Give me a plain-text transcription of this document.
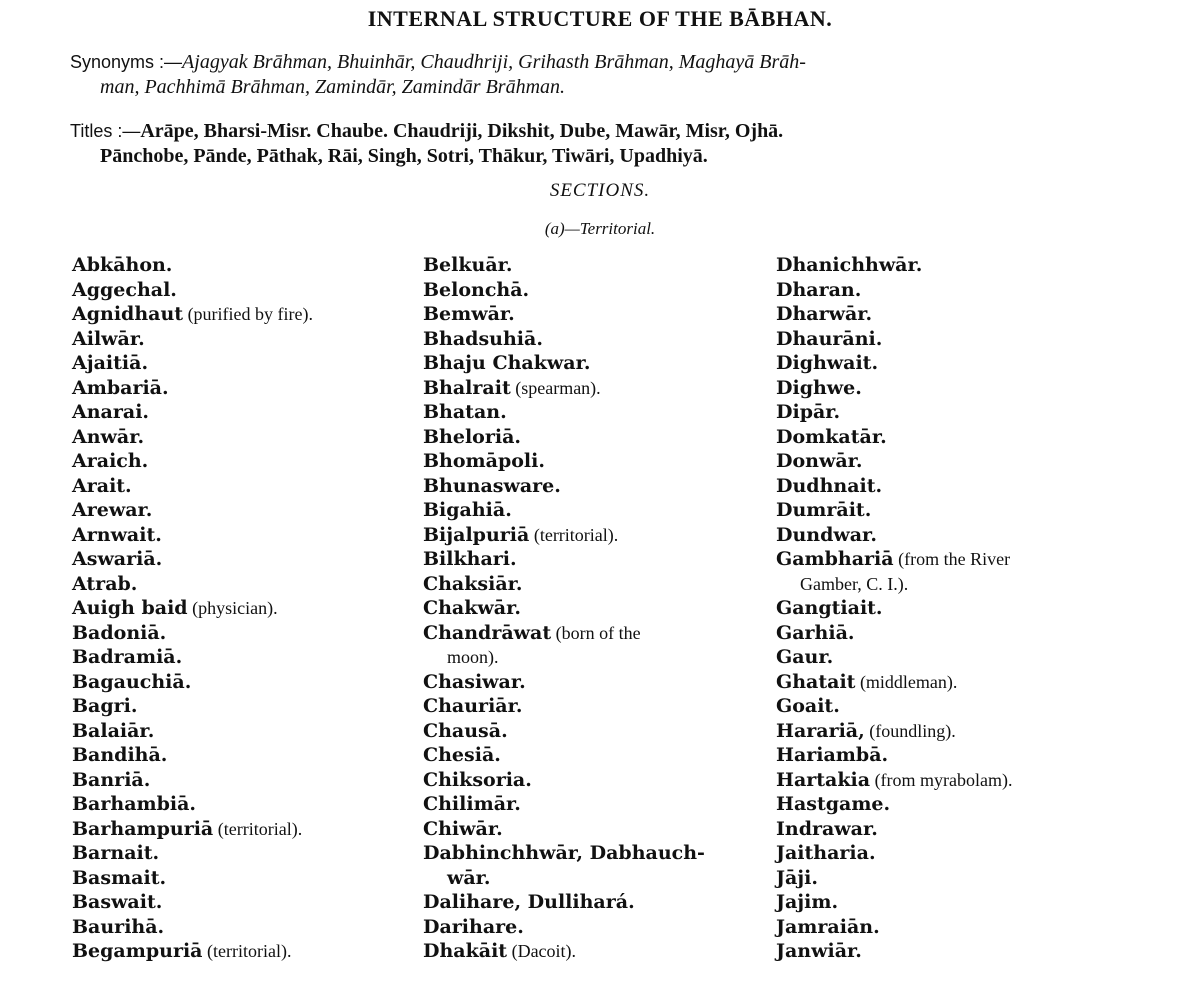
INTERNAL STRUCTURE OF THE BĀBHAN.
Synonyms :—Ajagyak Brāhman, Bhuinhār, Chaudhriji, Grihasth Brāhman, Maghayā Brāh-
man, Pachhimā Brāhman, Zamindār, Zamindār Brāhman.
Titles :—Arāpe, Bharsi-Misr. Chaube. Chaudriji, Dikshit, Dube, Mawār, Misr, Ojhā.
Pānchobe, Pānde, Pāthak, Rāi, Singh, Sotri, Thākur, Tiwāri, Upadhiyā.
SECTIONS.
(a)—Territorial.
Abkāhon.
Aggechal.
Agnidhaut (purified by fire).
Ailwār.
Ajaitiā.
Ambariā.
Anarai.
Anwār.
Araich.
Arait.
Arewar.
Arnwait.
Aswariā.
Atrab.
Auigh baid (physician).
Badoniā.
Badramiā.
Bagauchiā.
Bagri.
Balaiār.
Bandihā.
Banriā.
Barhambiā.
Barhampuriā (territorial).
Barnait.
Basmait.
Baswait.
Baurihā.
Begampuriā (territorial).
Belkuār.
Belonchā.
Bemwār.
Bhadsuhiā.
Bhaju Chakwar.
Bhalrait (spearman).
Bhatan.
Bheloriā.
Bhomāpoli.
Bhunasware.
Bigahiā.
Bijalpuriā (territorial).
Bilkhari.
Chaksiār.
Chakwār.
Chandrāwat (born of the
moon).
Chasiwar.
Chauriār.
Chausā.
Chesiā.
Chiksoria.
Chilimār.
Chiwār.
Dabhinchhwār, Dabhauch-
wār.
Dalihare, Dullihará.
Darihare.
Dhakāit (Dacoit).
Dhanichhwār.
Dharan.
Dharwār.
Dhaurāni.
Dighwait.
Dighwe.
Dipār.
Domkatār.
Donwār.
Dudhnait.
Dumrāit.
Dundwar.
Gambhariā (from the River
Gamber, C. I.).
Gangtiait.
Garhiā.
Gaur.
Ghatait (middleman).
Goait.
Harariā, (foundling).
Hariambā.
Hartakia (from myrabolam).
Hastgame.
Indrawar.
Jaitharia.
Jāji.
Jajim.
Jamraiān.
Janwiār.
